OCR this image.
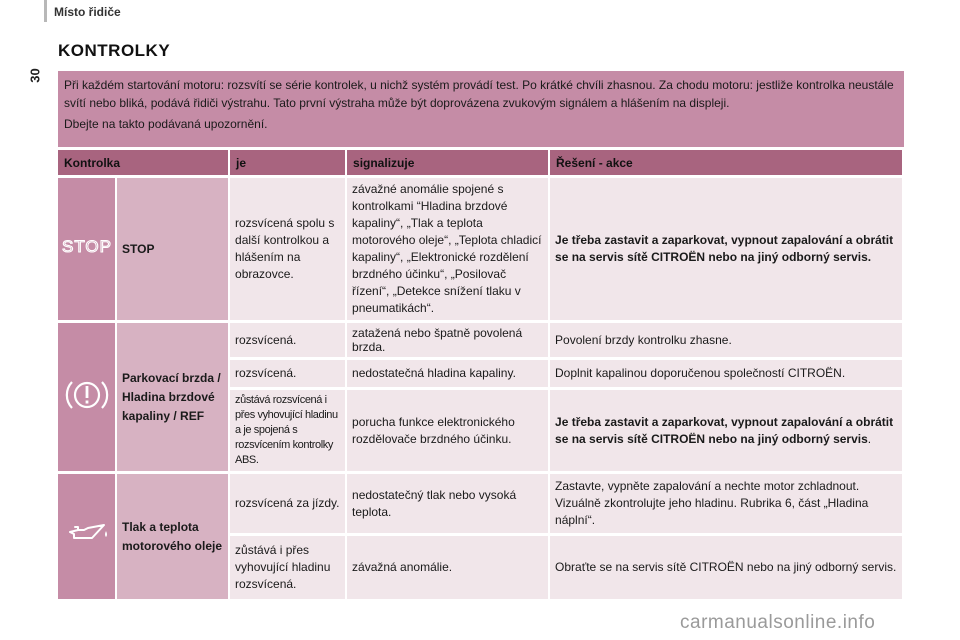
Místo řidiče
30
KONTROLKY

Při každém startování motoru: rozsvítí se série kontrolek, u nichž systém provádí test. Po krátké chvíli zhasnou. Za chodu motoru: jestliže kontrolka neustále svítí nebo bliká, podává řidiči výstrahu. Tato první výstraha může být doprovázena zvukovým signálem a hlášením na displeji.

Dbejte na takto podávaná upozornění.

Kontrolka		je	signalizuje	Řešení - akce

STOP	STOP	rozsvícená spolu s další kontrolkou a hlášením na obrazovce.	závažné anomálie spojené s kontrolkami “Hladina brzdové kapaliny“, „Tlak a teplota motorového oleje“, „Teplota chladicí kapaliny“, „Elektronické rozdělení brzdného účinku“, „Posilovač řízení“, „Detekce snížení tlaku v pneumatikách“.	Je třeba zastavit a zaparkovat, vypnout zapalování a obrátit se na servis sítě CITROËN nebo na jiný odborný servis.
	Parkovací brzda / Hladina brzdové kapaliny / REF	rozsvícená.	zatažená nebo špatně povolená brzda.	Povolení brzdy kontrolku zhasne.
		rozsvícená.	nedostatečná hladina kapaliny.	Doplnit kapalinou doporučenou společností CITROËN.
		zůstává rozsvícená i přes vyhovující hladinu a je spojená s rozsvícením kontrolky ABS.	porucha funkce elektronického rozdělovače brzdného účinku.	Je třeba zastavit a zaparkovat, vypnout zapalování a obrátit se na servis sítě CITROËN nebo na jiný odborný servis.
	Tlak a teplota motorového oleje	rozsvícená za jízdy.	nedostatečný tlak nebo vysoká teplota.	Zastavte, vypněte zapalování a nechte motor zchladnout. Vizuálně zkontrolujte jeho hladinu. Rubrika 6, část „Hladina náplní“.
		zůstává i přes vyhovující hladinu rozsvícená.	závažná anomálie.	Obraťte se na servis sítě CITROËN nebo na jiný odborný servis.
carmanualsonline.info
